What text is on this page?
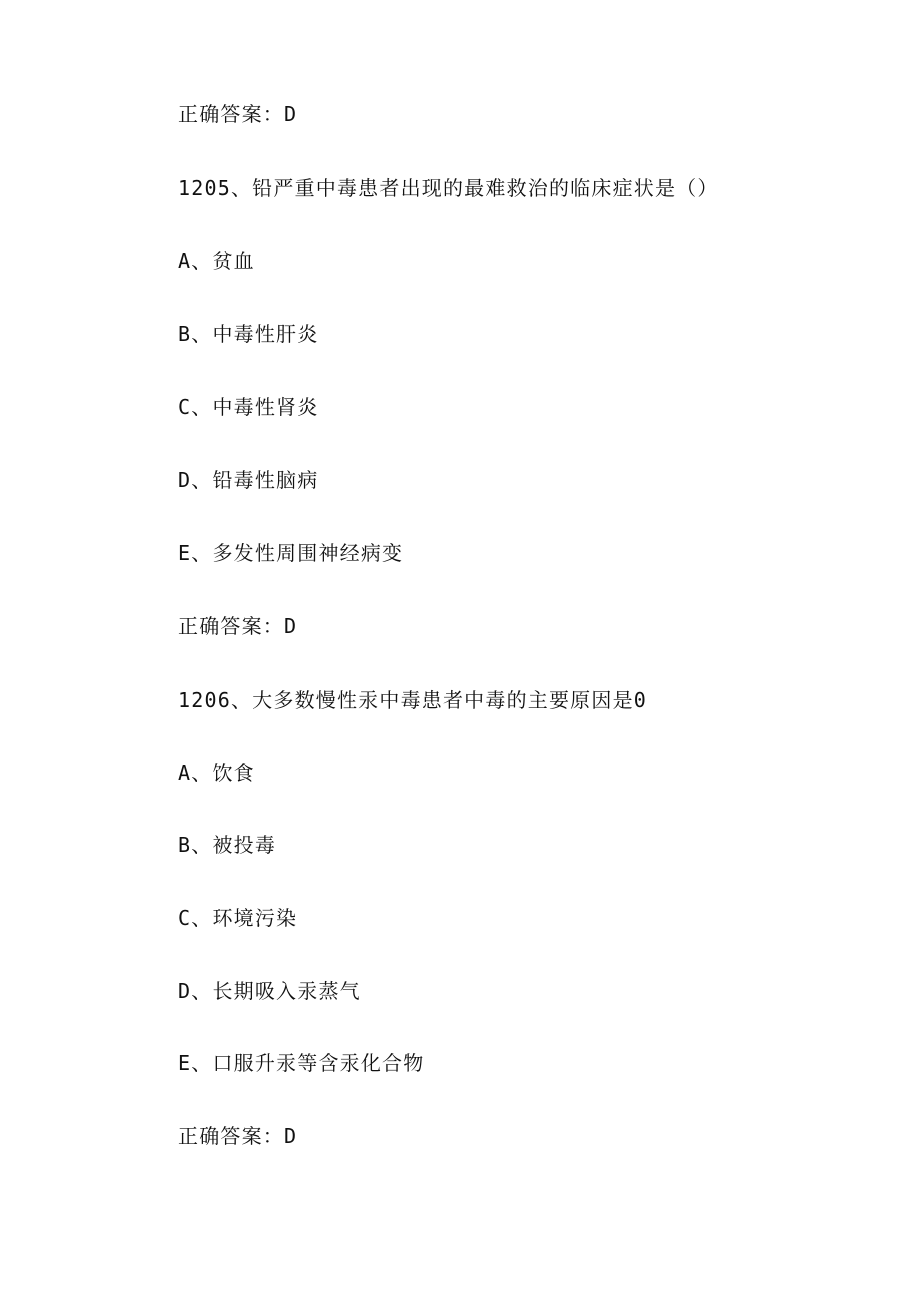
正确答案：D
1205、铅严重中毒患者出现的最难救治的临床症状是（）
A、贫血
B、中毒性肝炎
C、中毒性肾炎
D、铅毒性脑病
E、多发性周围神经病变
正确答案：D
1206、大多数慢性汞中毒患者中毒的主要原因是0
A、饮食
B、被投毒
C、环境污染
D、长期吸入汞蒸气
E、口服升汞等含汞化合物
正确答案：D
